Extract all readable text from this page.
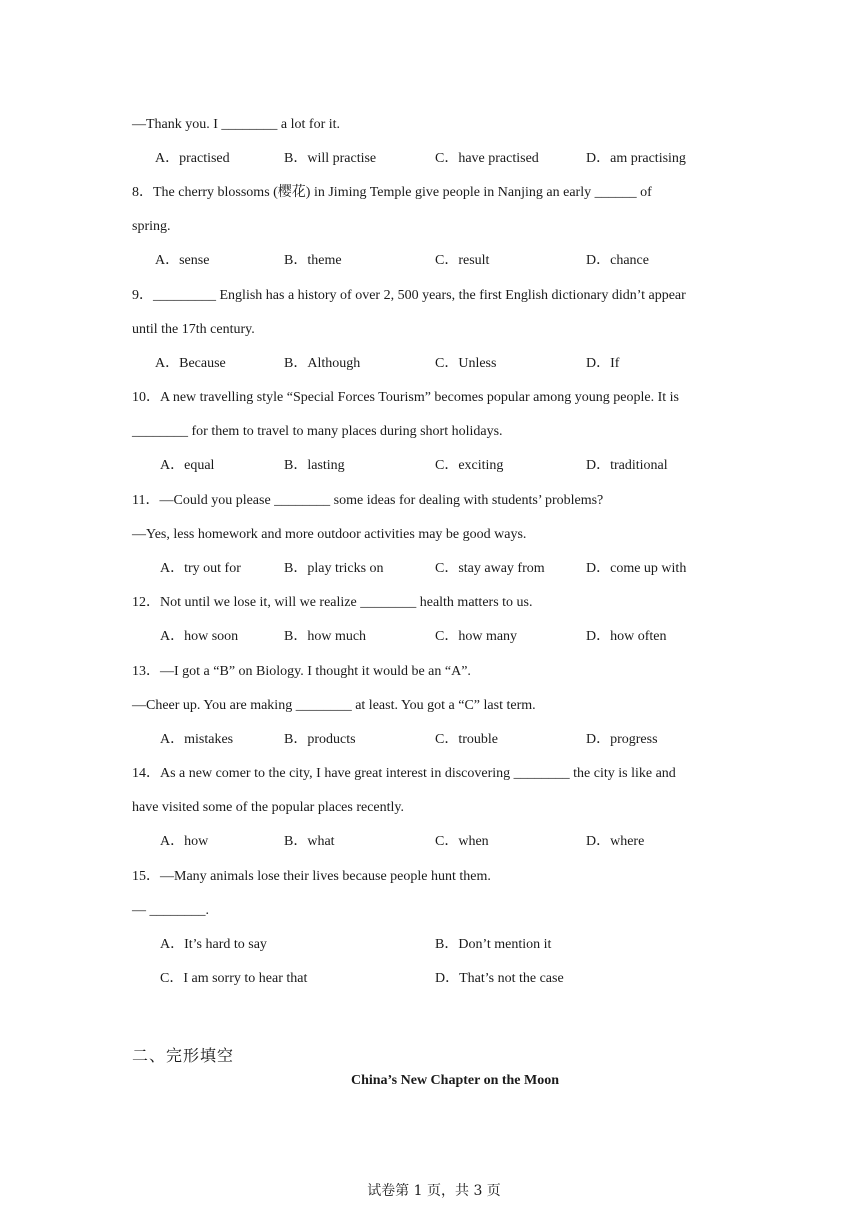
—Thank you. I ________ a lot for it.
A．practised	B．will practise	C．have practised	D．am practising
8．The cherry blossoms (樱花) in Jiming Temple give people in Nanjing an early ______ of
spring.
A．sense	B．theme	C．result	D．chance
9．_________ English has a history of over 2, 500 years, the first English dictionary didn’t appear
until the 17th century.
A．Because	B．Although	C．Unless	D．If
10．A new travelling style “Special Forces Tourism” becomes popular among young people. It is
________ for them to travel to many places during short holidays.
A．equal	B．lasting	C．exciting	D．traditional
11．—Could you please ________ some ideas for dealing with students’ problems?
—Yes, less homework and more outdoor activities may be good ways.
A．try out for	B．play tricks on	C．stay away from	D．come up with
12．Not until we lose it, will we realize ________ health matters to us.
A．how soon	B．how much	C．how many	D．how often
13．—I got a “B” on Biology. I thought it would be an “A”.
—Cheer up. You are making ________ at least. You got a “C” last term.
A．mistakes	B．products	C．trouble	D．progress
14．As a new comer to the city, I have great interest in discovering ________ the city is like and
have visited some of the popular places recently.
A．how	B．what	C．when	D．where
15．—Many animals lose their lives because people hunt them.
— ________.
A．It’s hard to say	B．Don’t mention it
C．I am sorry to hear that	D．That’s not the case
二、完形填空
China’s New Chapter on the Moon
试卷第 1 页，共 3 页
